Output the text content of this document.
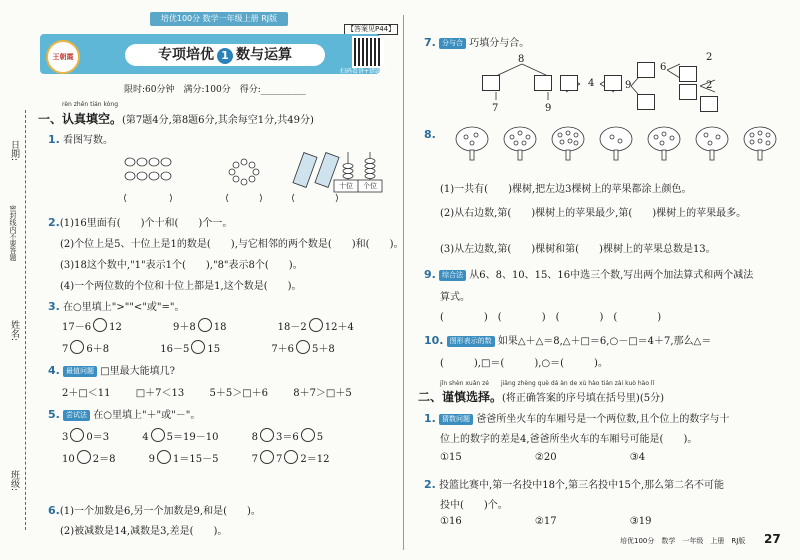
培优100分 数学一年级上册 RJ版
【答案见P44】
王朝霞	专项培优 1 数与运算
扫码看讲+错题本
限时:60分钟　满分:100分　得分:__________
日期:
密封线内不要答题
姓名:
班级:
rèn zhēn tián kòng
一、认真填空。(第7题4分,第8题6分,其余每空1分,共49分)
1. 看图写数。
十位	个位
2.(1)16里面有(　　)个十和(　　)个一。
(2)个位上是5、十位上是1的数是(　　),与它相邻的两个数是(　　)和(　　)。
(3)18这个数中,"1"表示1个(　　),"8"表示8个(　　)。
(4)一个两位数的个位和十位上都是1,这个数是(　　)。
3. 在○里填上">""<"或"="。
17－6 12	9＋8 18	18－2 12＋4
7 6＋8	16－5 15	7＋6 5＋8
4. 最值问题 □里最大能填几?
2＋□＜11	□＋7＜13	5＋5＞□＋6	8＋7＞□＋5
5. 尝试法 在○里填上"＋"或"－"。
3 0＝3	4 5＝19－10	8 3＝6 5
10 2＝8	9 1＝15－5	7 7 2＝12
6.(1)一个加数是6,另一个加数是9,和是(　　)。
(2)被减数是14,减数是3,差是(　　)。
7. 分与合 巧填分与合。
8
7
4
9
6
2
9	2
8.
(1)一共有(　　)棵树,把左边3棵树上的苹果都涂上颜色。
(2)从右边数,第(　　)棵树上的苹果最少,第(　　)棵树上的苹果最多。
(3)从左边数,第(　　)棵树和第(　　)棵树上的苹果总数是13。
9. 综合法 从6、8、10、15、16中选三个数,写出两个加法算式和两个减法
算式。
(　　　　)　(　　　　)　(　　　　)　(　　　　)
10. 图形表示的数 如果△＋△＝8,△＋□＝6,○－□＝4＋7,那么△＝
(　　　),□＝(　　　),○＝(　　　)。
jǐn shèn xuǎn zé　　jiāng zhèng què dá àn de xù hào tián zài kuò hào lǐ
二、谨慎选择。(将正确答案的序号填在括号里)(5分)
1. 猜数问题 爸爸所坐火车的车厢号是一个两位数,且个位上的数字与十
位上的数字的差是4,爸爸所坐火车的车厢号可能是(　　)。
①15	②20	③4
2. 投篮比赛中,第一名投中18个,第三名投中15个,那么第二名不可能
投中(　　)个。
①16	②17	③19
培优100分　数学　一年级　上册　RJ版 27
